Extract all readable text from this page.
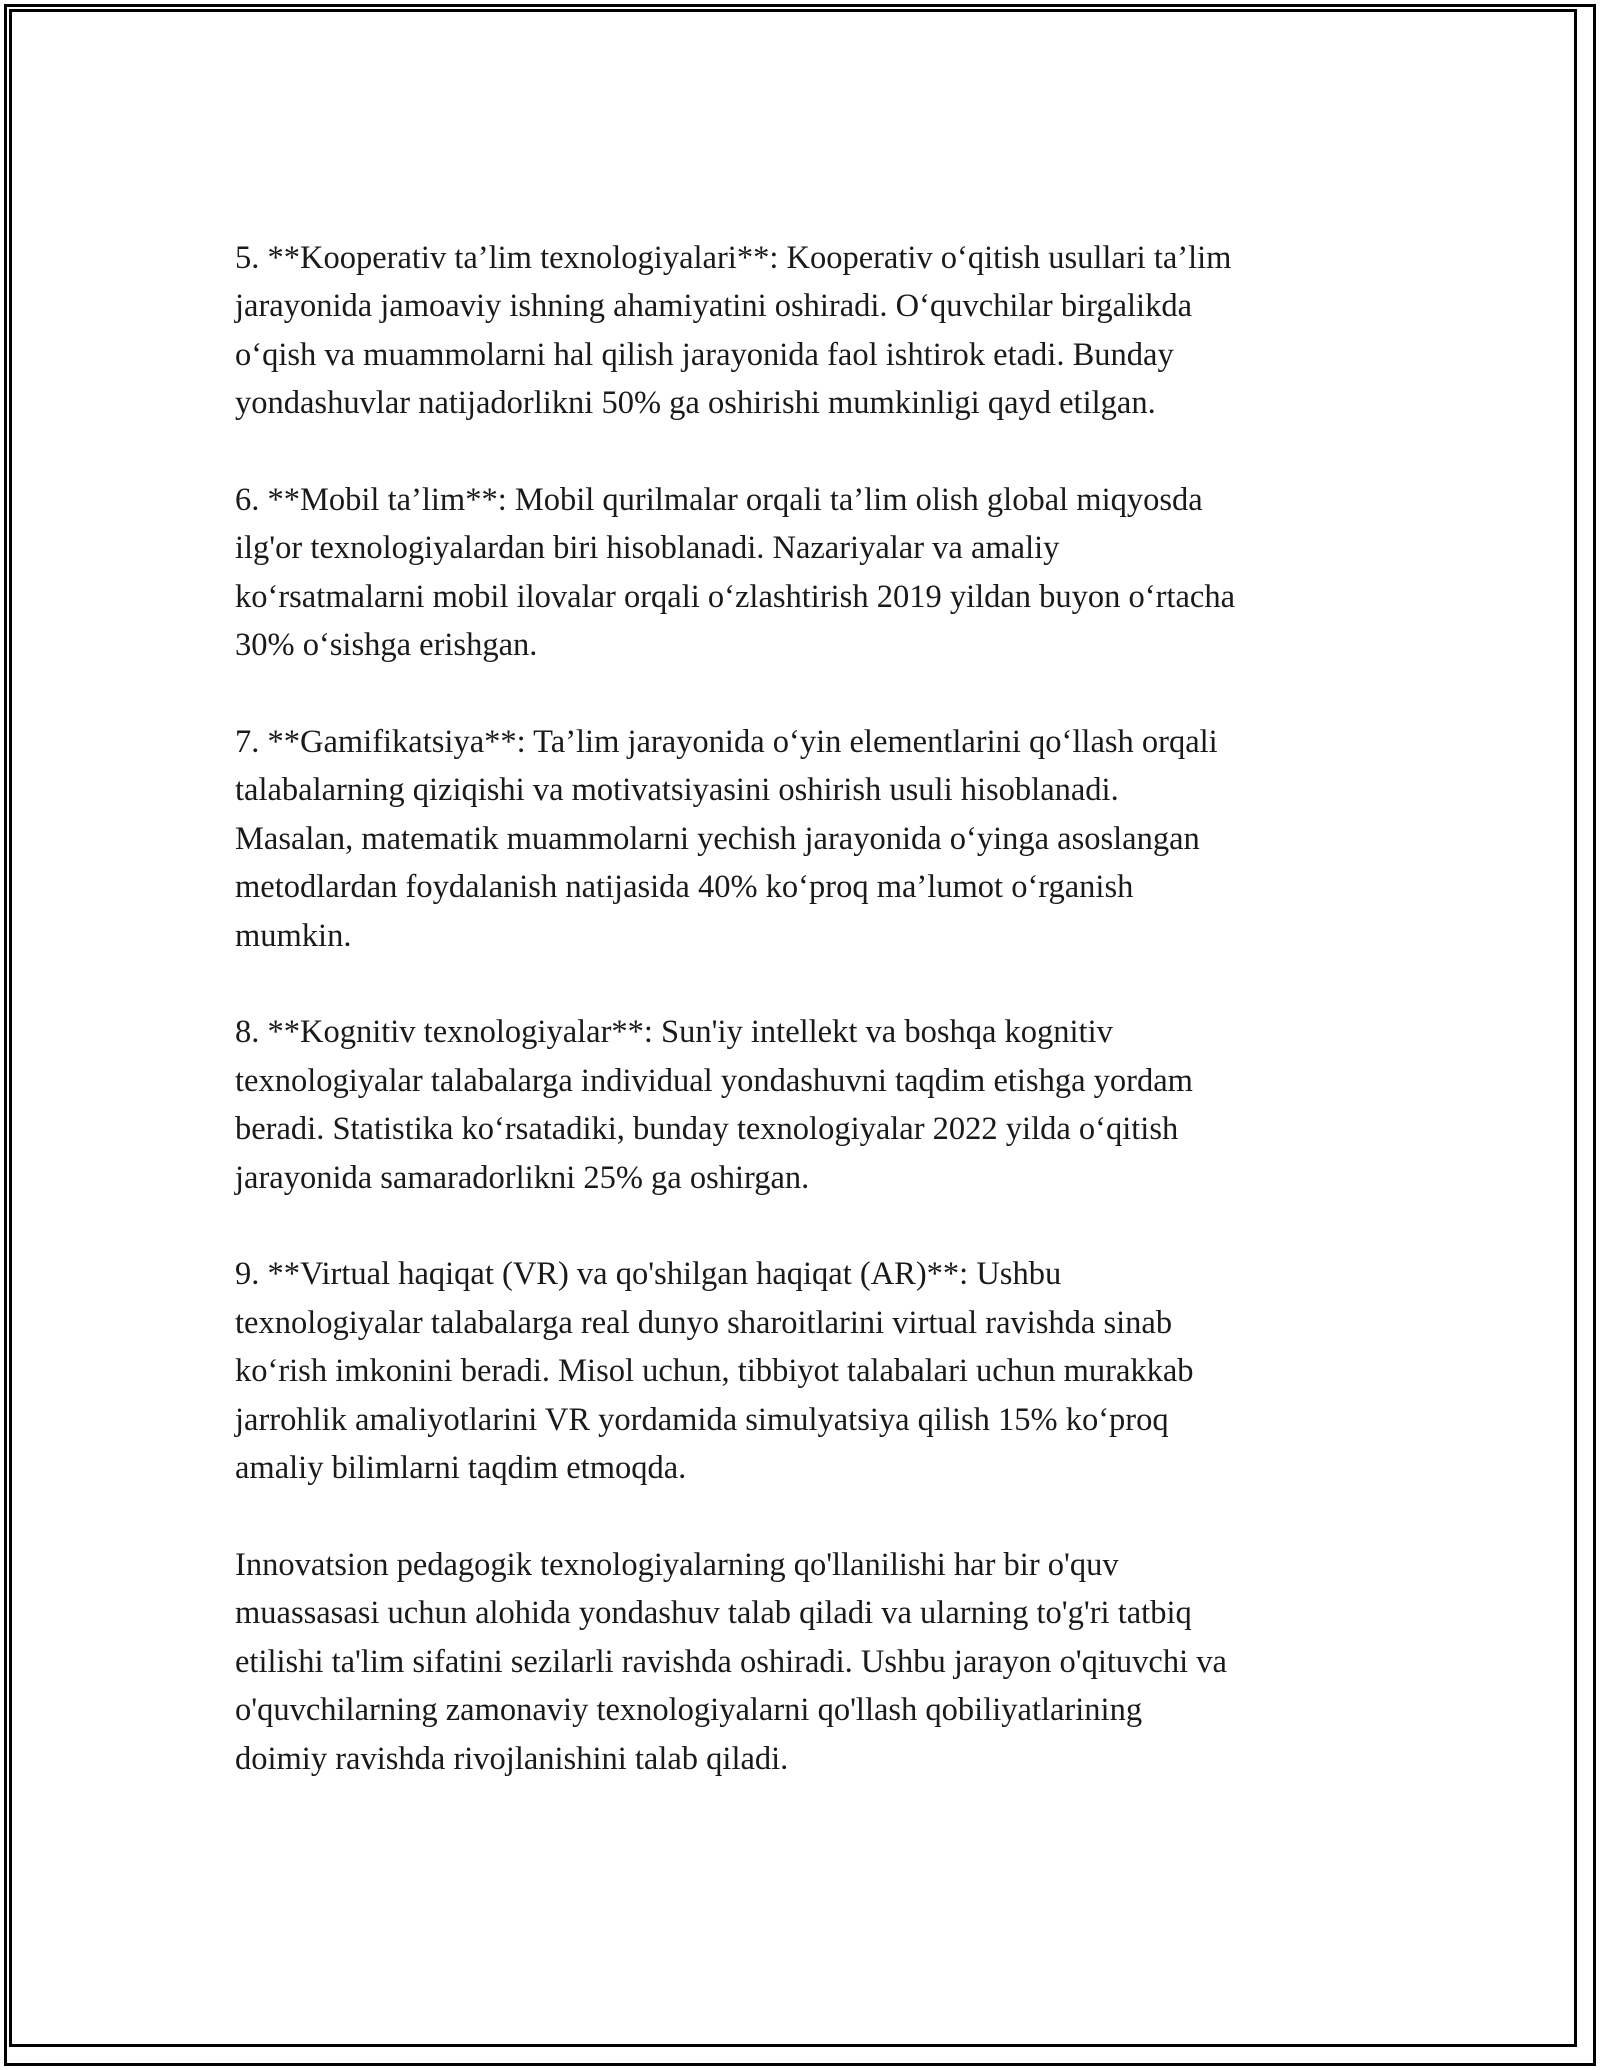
5. **Kooperativ ta’lim texnologiyalari**: Kooperativ o‘qitish usullari ta’lim
jarayonida jamoaviy ishning ahamiyatini oshiradi. O‘quvchilar birgalikda
o‘qish va muammolarni hal qilish jarayonida faol ishtirok etadi. Bunday
yondashuvlar natijadorlikni 50% ga oshirishi mumkinligi qayd etilgan.

6. **Mobil ta’lim**: Mobil qurilmalar orqali ta’lim olish global miqyosda
ilg'or texnologiyalardan biri hisoblanadi. Nazariyalar va amaliy
ko‘rsatmalarni mobil ilovalar orqali o‘zlashtirish 2019 yildan buyon o‘rtacha
30% o‘sishga erishgan.

7. **Gamifikatsiya**: Ta’lim jarayonida o‘yin elementlarini qo‘llash orqali
talabalarning qiziqishi va motivatsiyasini oshirish usuli hisoblanadi.
Masalan, matematik muammolarni yechish jarayonida o‘yinga asoslangan
metodlardan foydalanish natijasida 40% ko‘proq ma’lumot o‘rganish
mumkin.

8. **Kognitiv texnologiyalar**: Sun'iy intellekt va boshqa kognitiv
texnologiyalar talabalarga individual yondashuvni taqdim etishga yordam
beradi. Statistika ko‘rsatadiki, bunday texnologiyalar 2022 yilda o‘qitish
jarayonida samaradorlikni 25% ga oshirgan.

9. **Virtual haqiqat (VR) va qo'shilgan haqiqat (AR)**: Ushbu
texnologiyalar talabalarga real dunyo sharoitlarini virtual ravishda sinab
ko‘rish imkonini beradi. Misol uchun, tibbiyot talabalari uchun murakkab
jarrohlik amaliyotlarini VR yordamida simulyatsiya qilish 15% ko‘proq
amaliy bilimlarni taqdim etmoqda.

Innovatsion pedagogik texnologiyalarning qo'llanilishi har bir o'quv
muassasasi uchun alohida yondashuv talab qiladi va ularning to'g'ri tatbiq
etilishi ta'lim sifatini sezilarli ravishda oshiradi. Ushbu jarayon o'qituvchi va
o'quvchilarning zamonaviy texnologiyalarni qo'llash qobiliyatlarining
doimiy ravishda rivojlanishini talab qiladi.
